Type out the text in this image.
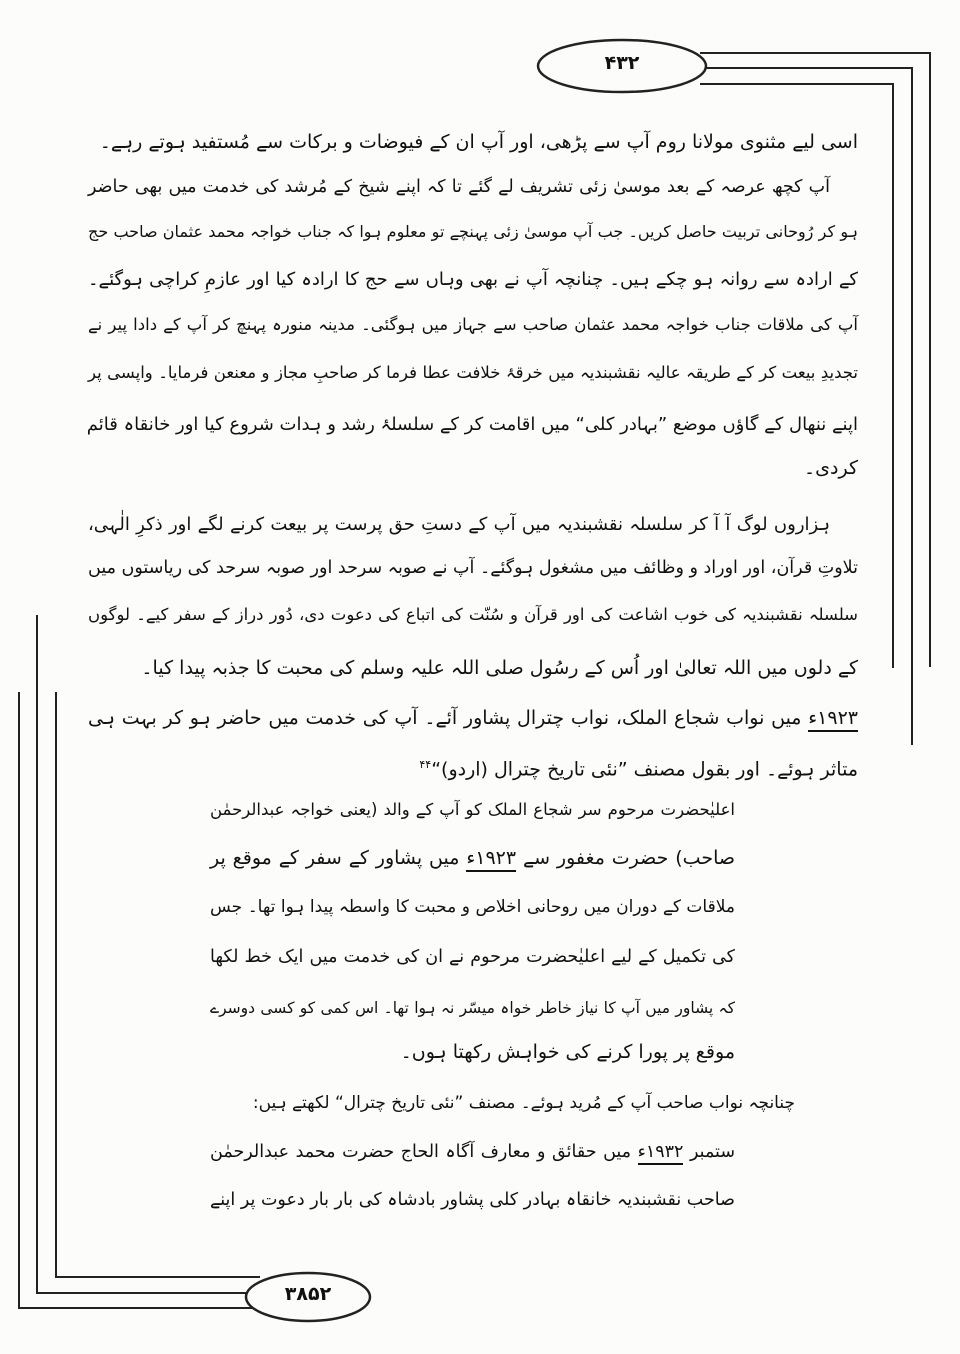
۴۳۲
۳۸۵۲
اسی لیے مثنوی مولانا روم آپ سے پڑھی، اور آپ ان کے فیوضات و برکات سے مُستفید ہوتے رہے۔
آپ کچھ عرصہ کے بعد موسیٰ زئی تشریف لے گئے تا کہ اپنے شیخ کے مُرشد کی خدمت میں بھی حاضر
ہو کر رُوحانی تربیت حاصل کریں۔ جب آپ موسیٰ زئی پہنچے تو معلوم ہوا کہ جناب خواجہ محمد عثمان صاحب حج
کے ارادہ سے روانہ ہو چکے ہیں۔ چنانچہ آپ نے بھی وہاں سے حج کا ارادہ کیا اور عازمِ کراچی ہوگئے۔
آپ کی ملاقات جناب خواجہ محمد عثمان صاحب سے جہاز میں ہوگئی۔ مدینہ منورہ پہنچ کر آپ کے دادا پیر نے
تجدیدِ بیعت کر کے طریقہ عالیہ نقشبندیہ میں خرقۂ خلافت عطا فرما کر صاحبِ مجاز و معنعن فرمایا۔ واپسی پر
اپنے ننھال کے گاؤں موضع ”بہادر کلی“ میں اقامت کر کے سلسلۂ رشد و ہدات شروع کیا اور خانقاہ قائم
کردی۔
ہزاروں لوگ آ آ کر سلسلہ نقشبندیہ میں آپ کے دستِ حق پرست پر بیعت کرنے لگے اور ذکرِ الٰہی،
تلاوتِ قرآن، اور اوراد و وظائف میں مشغول ہوگئے۔ آپ نے صوبہ سرحد اور صوبہ سرحد کی ریاستوں میں
سلسلہ نقشبندیہ کی خوب اشاعت کی اور قرآن و سُنّت کی اتباع کی دعوت دی، دُور دراز کے سفر کیے۔ لوگوں
کے دلوں میں اللہ تعالیٰ اور اُس کے رسُول صلی اللہ علیہ وسلم کی محبت کا جذبہ پیدا کیا۔
۱۹۲۳ء میں نواب شجاع الملک، نواب چترال پشاور آئے۔ آپ کی خدمت میں حاضر ہو کر بہت ہی
متاثر ہوئے۔ اور بقول مصنف ”نئی تاریخ چترال (اردو)“$^{۴۴}$
اعلیٰحضرت مرحوم سر شجاع الملک کو آپ کے والد (یعنی خواجہ عبدالرحمٰن
صاحب) حضرت مغفور سے ۱۹۲۳ء میں پشاور کے سفر کے موقع پر
ملاقات کے دوران میں روحانی اخلاص و محبت کا واسطہ پیدا ہوا تھا۔ جس
کی تکمیل کے لیے اعلیٰحضرت مرحوم نے ان کی خدمت میں ایک خط لکھا
کہ پشاور میں آپ کا نیاز خاطر خواہ میسّر نہ ہوا تھا۔ اس کمی کو کسی دوسرے
موقع پر پورا کرنے کی خواہش رکھتا ہوں۔
چنانچہ نواب صاحب آپ کے مُرید ہوئے۔ مصنف ”نئی تاریخ چترال“ لکھتے ہیں:
ستمبر ۱۹۳۲ء میں حقائق و معارف آگاہ الحاج حضرت محمد عبدالرحمٰن
صاحب نقشبندیہ خانقاہ بہادر کلی پشاور بادشاہ کی بار بار دعوت پر اپنے
